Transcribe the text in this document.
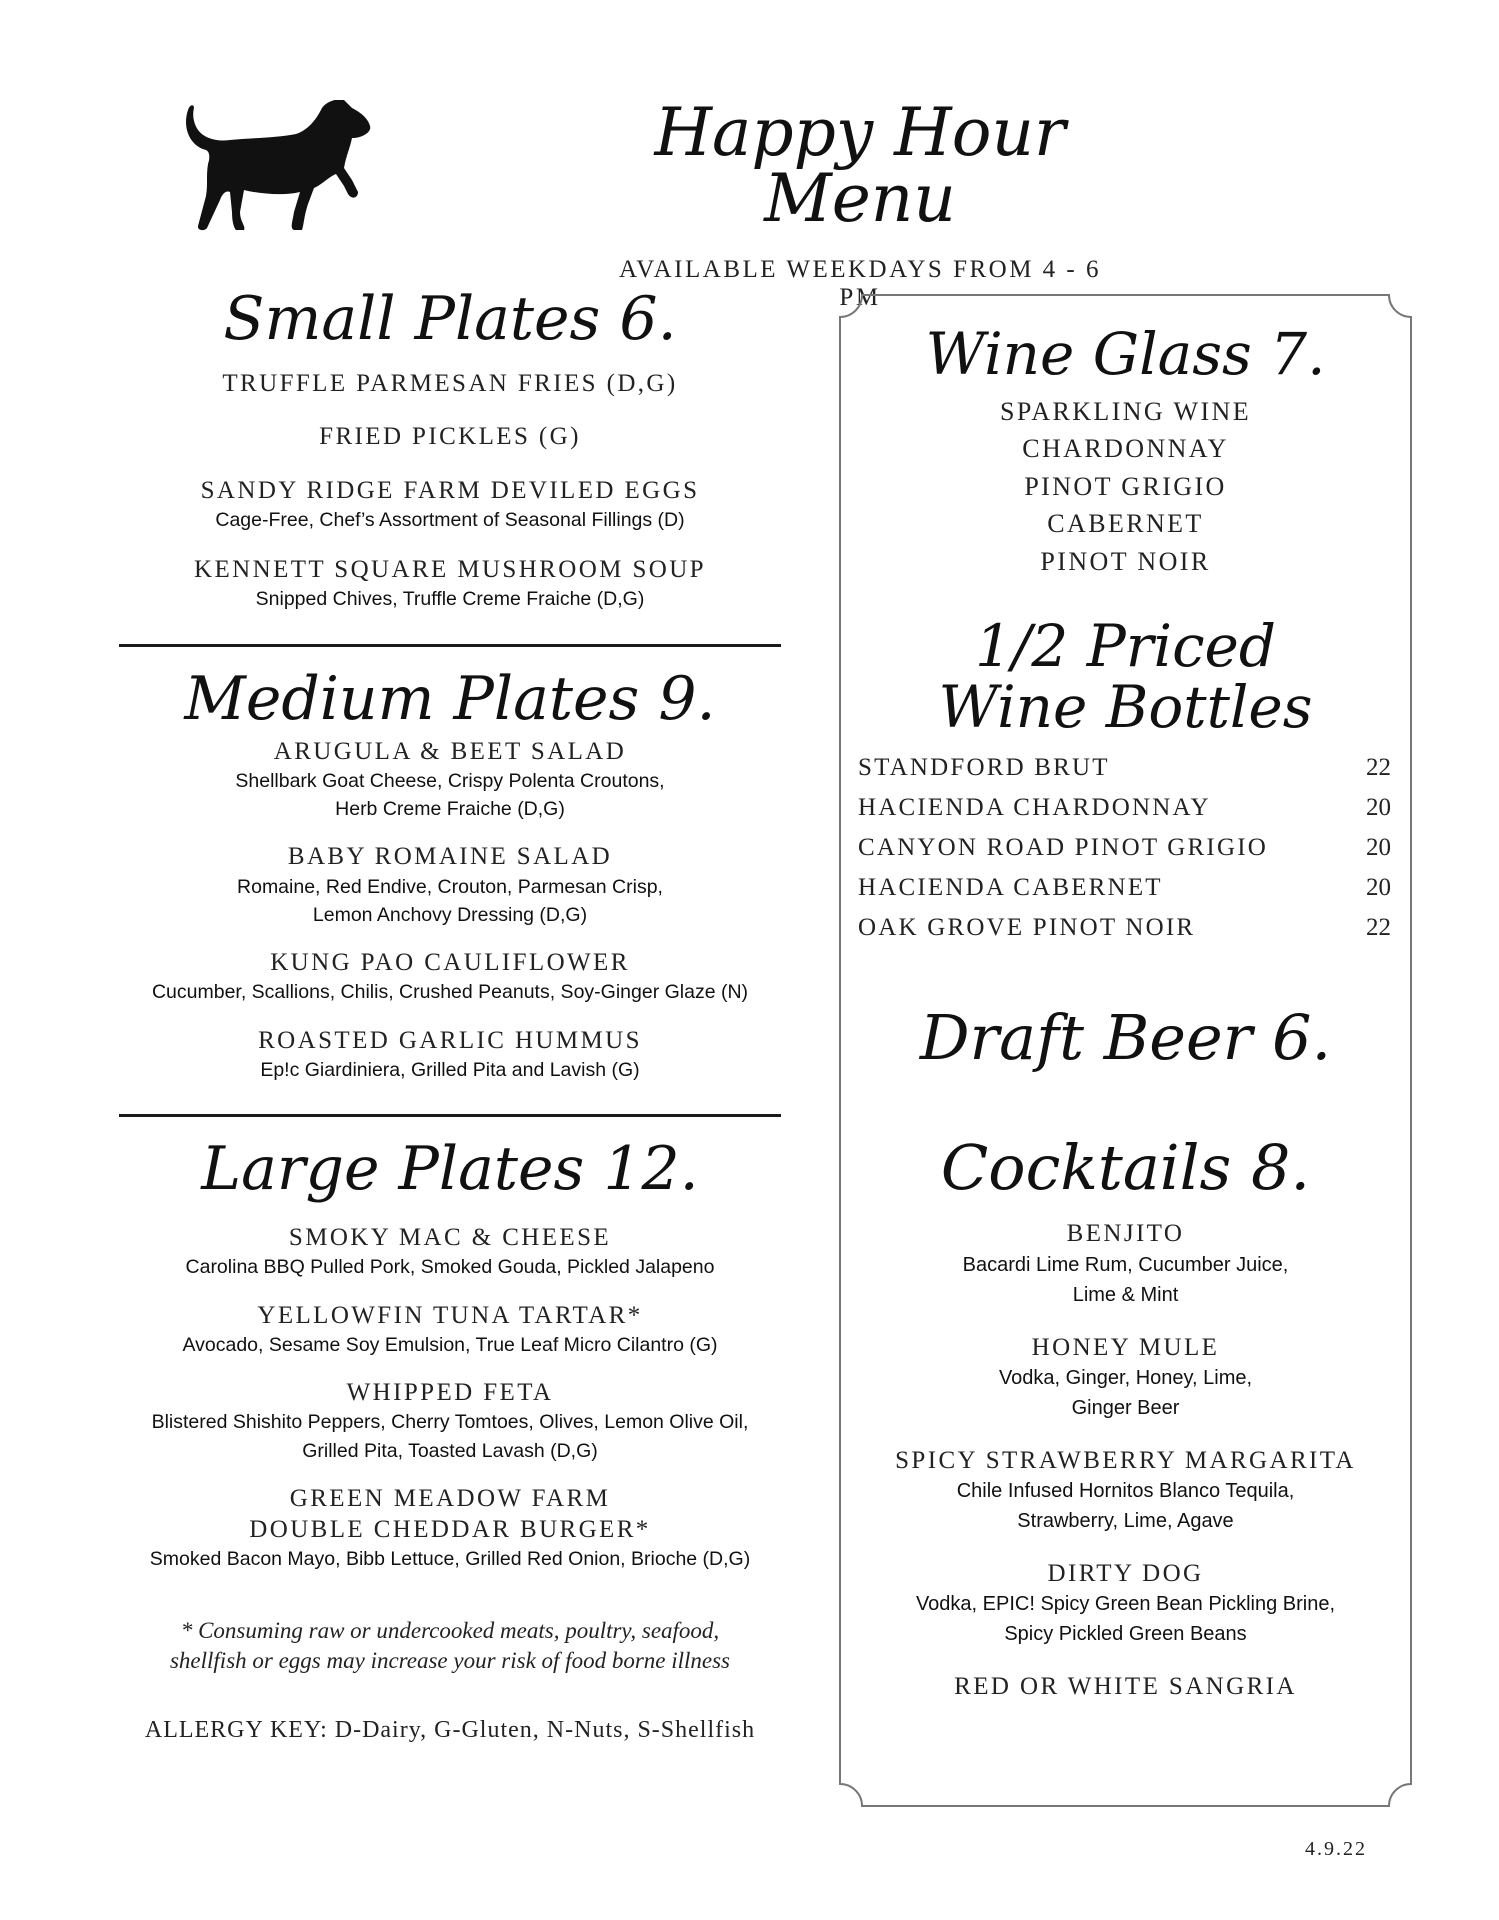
Happy Hour Menu
AVAILABLE WEEKDAYS FROM 4 - 6 PM
Small Plates 6.
TRUFFLE PARMESAN FRIES (D,G)
FRIED PICKLES (G)
SANDY RIDGE FARM DEVILED EGGS
Cage-Free, Chef’s Assortment of Seasonal Fillings (D)
KENNETT SQUARE MUSHROOM SOUP
Snipped Chives, Truffle Creme Fraiche (D,G)
Medium Plates 9.
ARUGULA & BEET SALAD
Shellbark Goat Cheese, Crispy Polenta Croutons,
Herb Creme Fraiche (D,G)
BABY ROMAINE SALAD
Romaine, Red Endive, Crouton, Parmesan Crisp,
Lemon Anchovy Dressing (D,G)
KUNG PAO CAULIFLOWER
Cucumber, Scallions, Chilis, Crushed Peanuts, Soy-Ginger Glaze (N)
ROASTED GARLIC HUMMUS
Ep!c Giardiniera, Grilled Pita and Lavish (G)
Large Plates 12.
SMOKY MAC & CHEESE
Carolina BBQ Pulled Pork, Smoked Gouda, Pickled Jalapeno
YELLOWFIN TUNA TARTAR*
Avocado, Sesame Soy Emulsion, True Leaf Micro Cilantro (G)
WHIPPED FETA
Blistered Shishito Peppers, Cherry Tomtoes, Olives, Lemon Olive Oil,
Grilled Pita, Toasted Lavash (D,G)
GREEN MEADOW FARM
DOUBLE CHEDDAR BURGER*
Smoked Bacon Mayo, Bibb Lettuce, Grilled Red Onion, Brioche (D,G)
* Consuming raw or undercooked meats, poultry, seafood,
shellfish or eggs may increase your risk of food borne illness
ALLERGY KEY: D-Dairy, G-Gluten, N-Nuts, S-Shellfish
Wine Glass 7.
SPARKLING WINE
CHARDONNAY
PINOT GRIGIO
CABERNET
PINOT NOIR
1/2 Priced
Wine Bottles
STANDFORD BRUT	22
HACIENDA CHARDONNAY	20
CANYON ROAD PINOT GRIGIO	20
HACIENDA CABERNET	20
OAK GROVE PINOT NOIR	22
Draft Beer 6.
Cocktails 8.
BENJITO
Bacardi Lime Rum, Cucumber Juice,
Lime & Mint
HONEY MULE
Vodka, Ginger, Honey, Lime,
Ginger Beer
SPICY STRAWBERRY MARGARITA
Chile Infused Hornitos Blanco Tequila,
Strawberry, Lime, Agave
DIRTY DOG
Vodka, EPIC! Spicy Green Bean Pickling Brine,
Spicy Pickled Green Beans
RED OR WHITE SANGRIA
4.9.22
